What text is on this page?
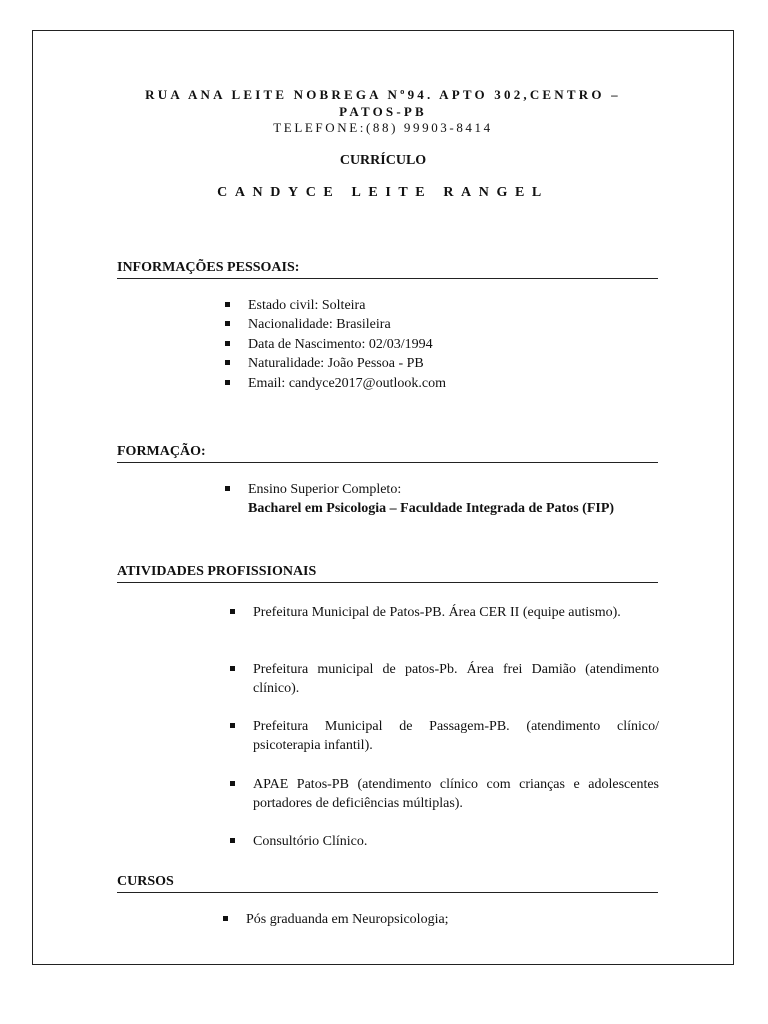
RUA ANA LEITE NOBREGA Nº94. APTO 302,CENTRO –
PATOS-PB

TELEFONE:(88) 99903-8414

CURRÍCULO

CANDYCE LEITE RANGEL

INFORMAÇÕES PESSOAIS:
Estado civil: Solteira
Nacionalidade: Brasileira
Data de Nascimento: 02/03/1994
Naturalidade: João Pessoa - PB
Email: candyce2017@outlook.com
FORMAÇÃO:
Ensino Superior Completo:
Bacharel em Psicologia – Faculdade Integrada de Patos (FIP)
ATIVIDADES PROFISSIONAIS
Prefeitura Municipal de Patos-PB. Área CER II (equipe autismo).
Prefeitura municipal de patos-Pb. Área frei Damião (atendimento clínico).
Prefeitura Municipal de Passagem-PB. (atendimento clínico/ psicoterapia infantil).
APAE Patos-PB (atendimento clínico com crianças e adolescentes portadores de deficiências múltiplas).
Consultório Clínico.
CURSOS
Pós graduanda em Neuropsicologia;
